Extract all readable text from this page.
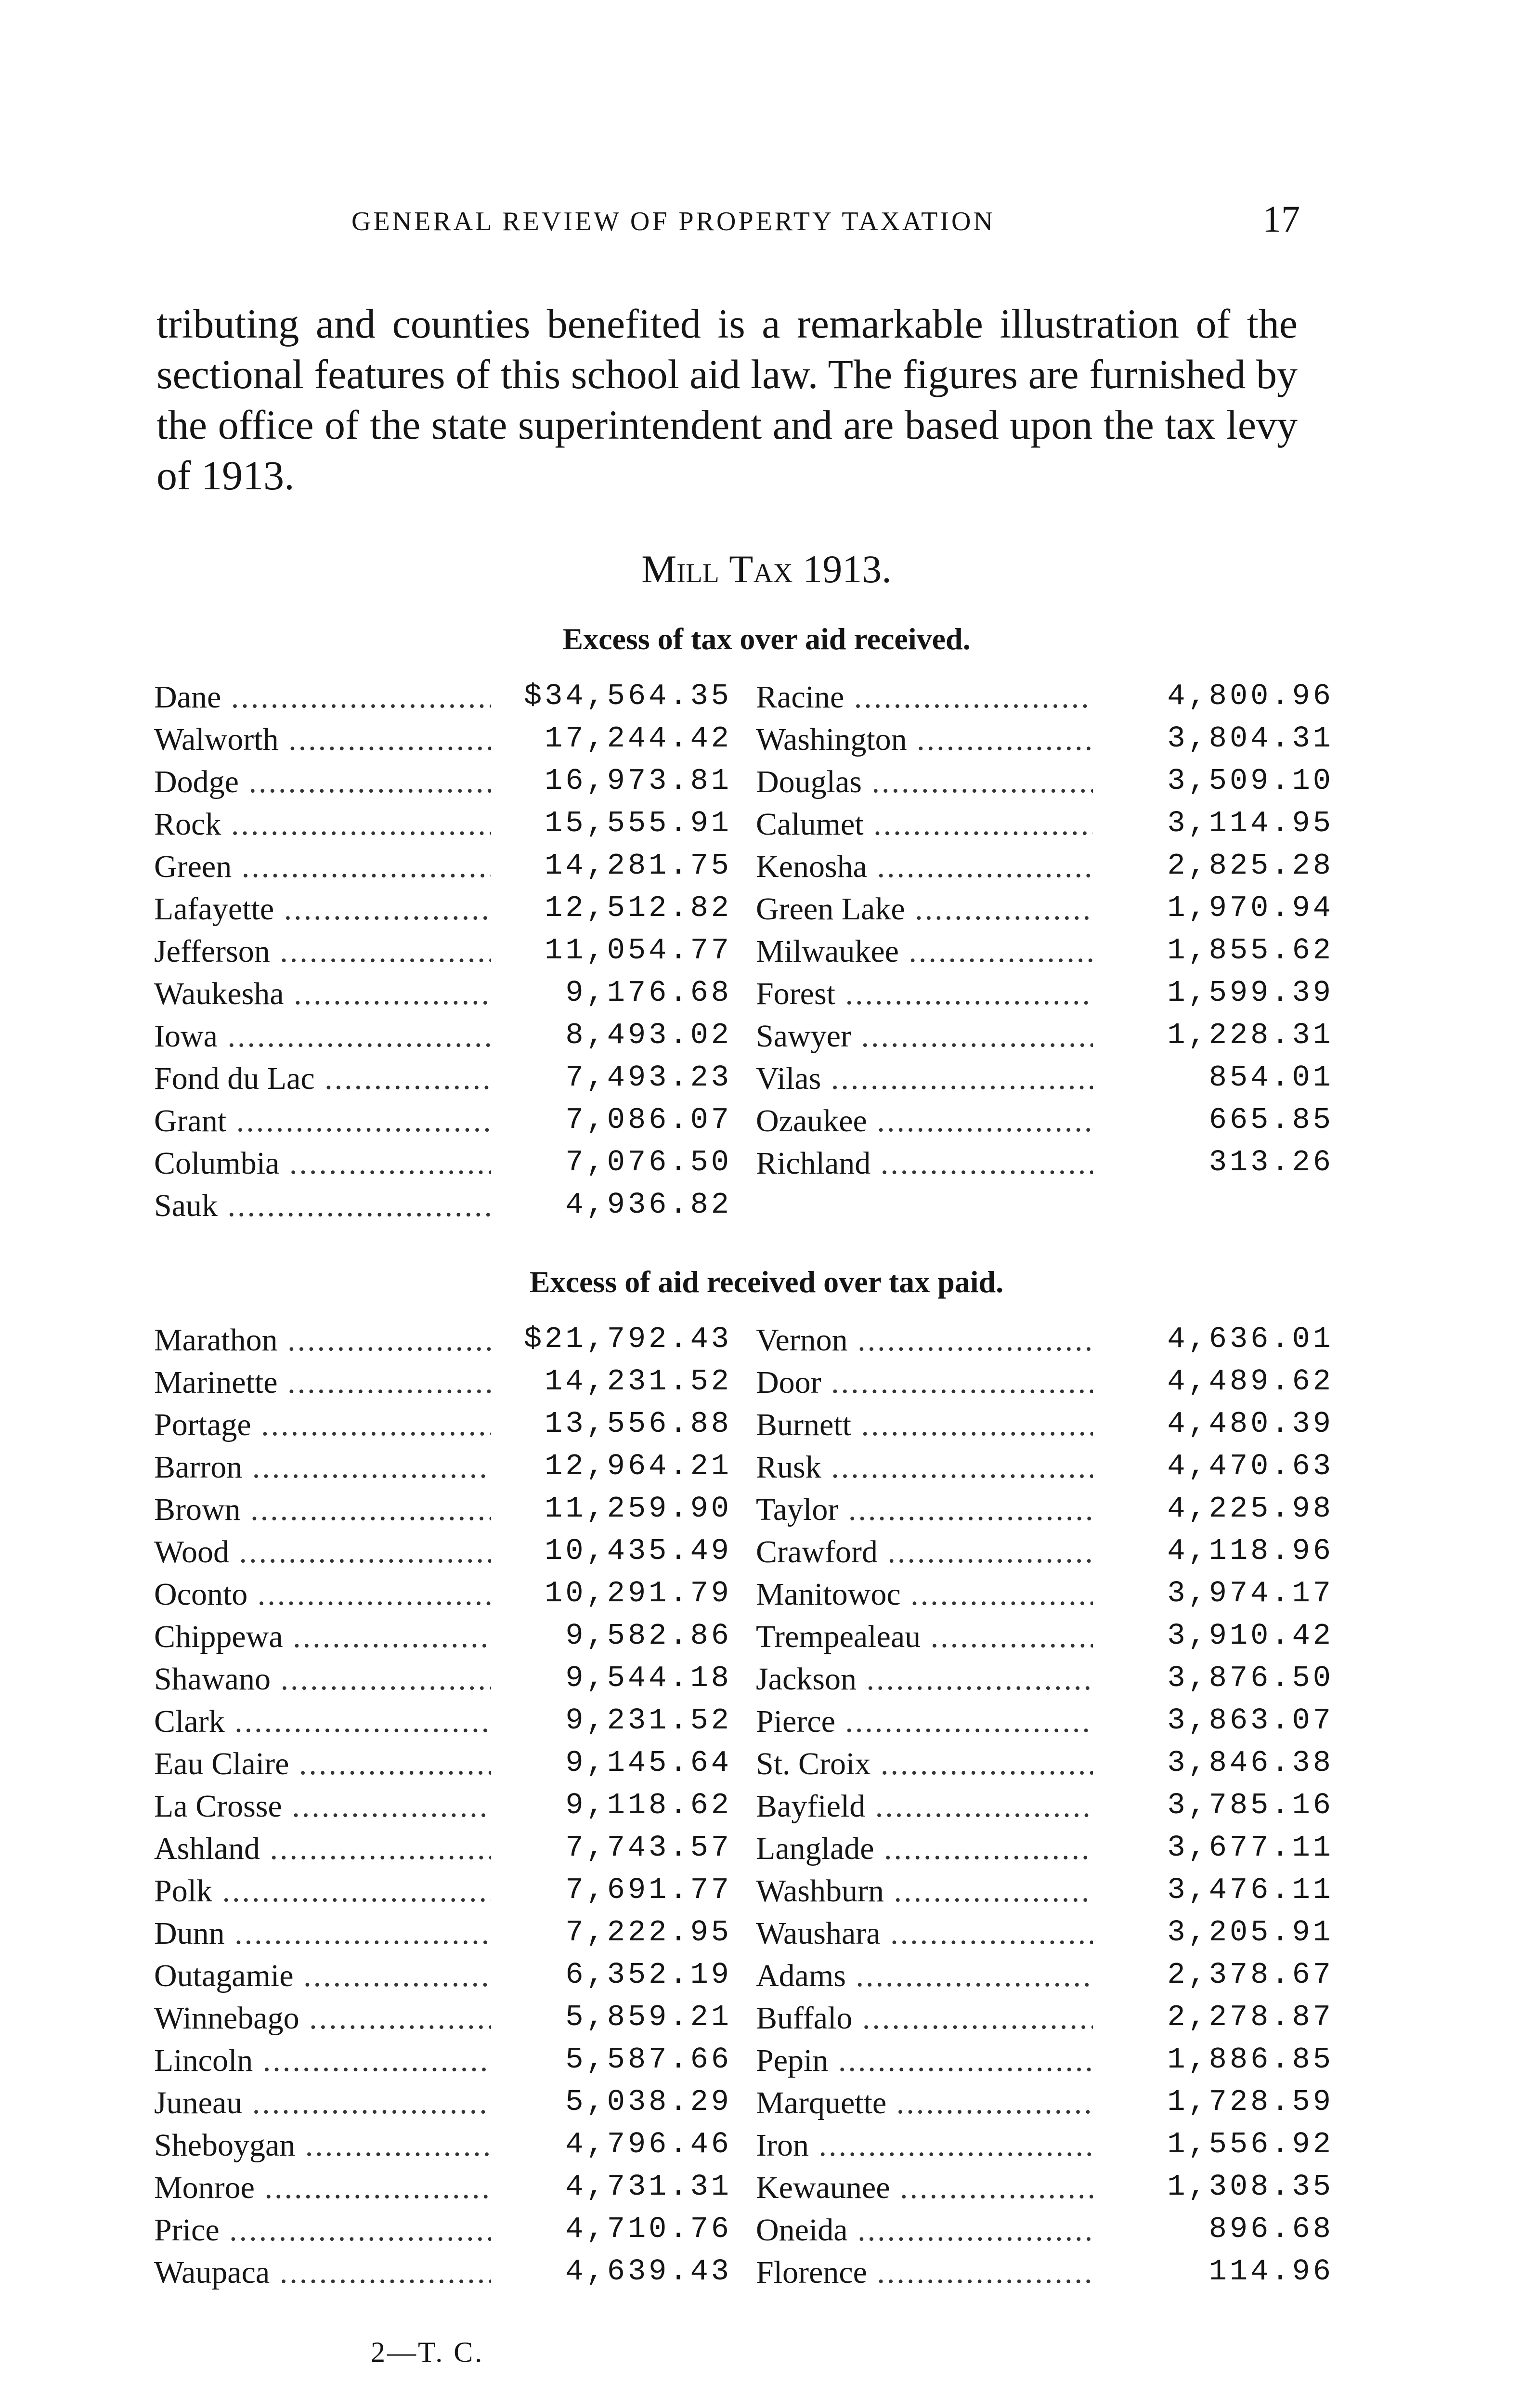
GENERAL REVIEW OF PROPERTY TAXATION	17

tributing and counties benefited is a remarkable illustration of the sectional features of this school aid law. The figures are furnished by the office of the state superintendent and are based upon the tax levy of 1913.

Mill Tax 1913.
Excess of tax over aid received.
Dane .....	$34,564.35
Walworth .....	17,244.42
Dodge .....	16,973.81
Rock .....	15,555.91
Green .....	14,281.75
Lafayette .....	12,512.82
Jefferson .....	11,054.77
Waukesha .....	9,176.68
Iowa .....	8,493.02
Fond du Lac .....	7,493.23
Grant .....	7,086.07
Columbia .....	7,076.50
Sauk .....	4,936.82
Racine .....	4,800.96
Washington .....	3,804.31
Douglas .....	3,509.10
Calumet .....	3,114.95
Kenosha .....	2,825.28
Green Lake .....	1,970.94
Milwaukee .....	1,855.62
Forest .....	1,599.39
Sawyer .....	1,228.31
Vilas .....	854.01
Ozaukee .....	665.85
Richland .....	313.26
Excess of aid received over tax paid.
Marathon .....	$21,792.43
Marinette .....	14,231.52
Portage .....	13,556.88
Barron .....	12,964.21
Brown .....	11,259.90
Wood .....	10,435.49
Oconto .....	10,291.79
Chippewa .....	9,582.86
Shawano .....	9,544.18
Clark .....	9,231.52
Eau Claire .....	9,145.64
La Crosse .....	9,118.62
Ashland .....	7,743.57
Polk .....	7,691.77
Dunn .....	7,222.95
Outagamie .....	6,352.19
Winnebago .....	5,859.21
Lincoln .....	5,587.66
Juneau .....	5,038.29
Sheboygan .....	4,796.46
Monroe .....	4,731.31
Price .....	4,710.76
Waupaca .....	4,639.43
Vernon .....	4,636.01
Door .....	4,489.62
Burnett .....	4,480.39
Rusk .....	4,470.63
Taylor .....	4,225.98
Crawford .....	4,118.96
Manitowoc .....	3,974.17
Trempealeau .....	3,910.42
Jackson .....	3,876.50
Pierce .....	3,863.07
St. Croix .....	3,846.38
Bayfield .....	3,785.16
Langlade .....	3,677.11
Washburn .....	3,476.11
Waushara .....	3,205.91
Adams .....	2,378.67
Buffalo .....	2,278.87
Pepin .....	1,886.85
Marquette .....	1,728.59
Iron .....	1,556.92
Kewaunee .....	1,308.35
Oneida .....	896.68
Florence .....	114.96
2—T. C.
